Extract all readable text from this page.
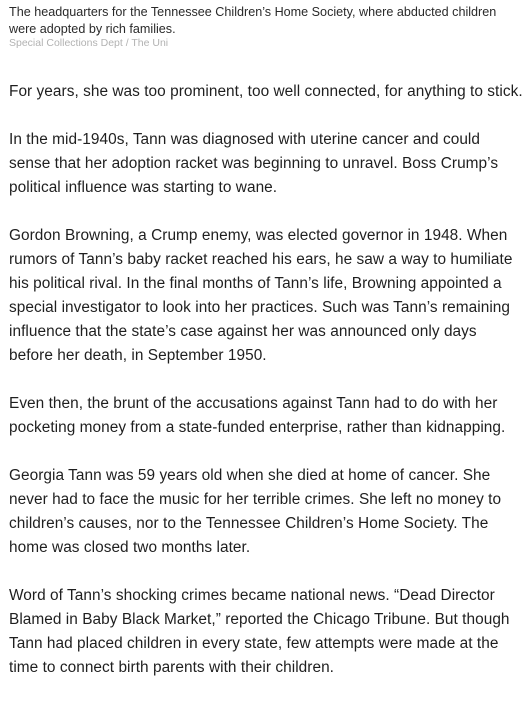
The headquarters for the Tennessee Children’s Home Society, where abducted children were adopted by rich families.
Special Collections Dept / The Uni

For years, she was too prominent, too well connected, for anything to stick.

In the mid-1940s, Tann was diagnosed with uterine cancer and could sense that her adoption racket was beginning to unravel. Boss Crump’s political influence was starting to wane.

Gordon Browning, a Crump enemy, was elected governor in 1948. When rumors of Tann’s baby racket reached his ears, he saw a way to humiliate his political rival. In the final months of Tann’s life, Browning appointed a special investigator to look into her practices. Such was Tann’s remaining influence that the state’s case against her was announced only days before her death, in September 1950.

Even then, the brunt of the accusations against Tann had to do with her pocketing money from a state-funded enterprise, rather than kidnapping.

Georgia Tann was 59 years old when she died at home of cancer. She never had to face the music for her terrible crimes. She left no money to children’s causes, nor to the Tennessee Children’s Home Society. The home was closed two months later.

Word of Tann’s shocking crimes became national news. “Dead Director Blamed in Baby Black Market,” reported the Chicago Tribune. But though Tann had placed children in every state, few attempts were made at the time to connect birth parents with their children.
